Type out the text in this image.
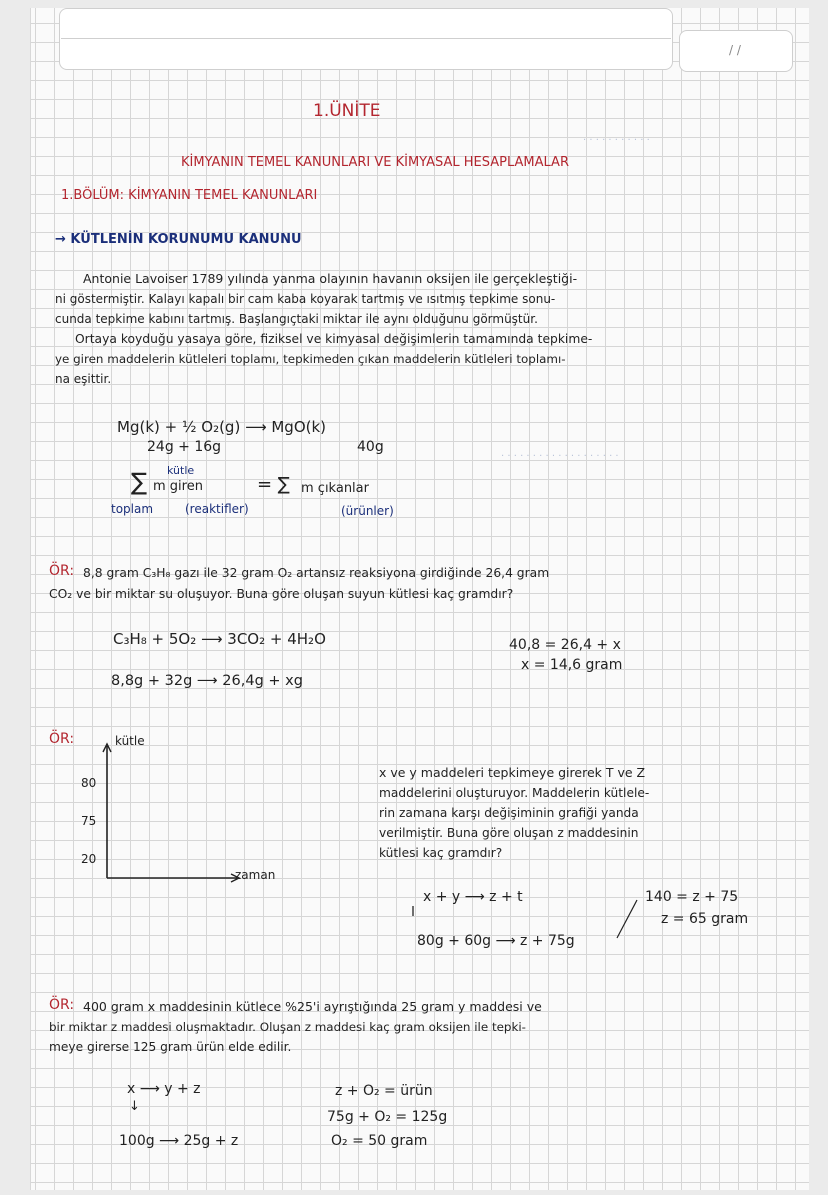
/ /
1.ÜNİTE
· · · · · · · · · · ·
KİMYANIN TEMEL KANUNLARI VE KİMYASAL HESAPLAMALAR
1.BÖLÜM: KİMYANIN TEMEL KANUNLARI
→ KÜTLENİN KORUNUMU KANUNU
Antonie Lavoiser 1789 yılında yanma olayının havanın oksijen ile gerçekleştiği-
ni göstermiştir. Kalayı kapalı bir cam kaba koyarak tartmış ve ısıtmış tepkime sonu-
cunda tepkime kabını tartmış. Başlangıçtaki miktar ile aynı olduğunu görmüştür.
Ortaya koyduğu yasaya göre, fiziksel ve kimyasal değişimlerin tamamında tepkime-
ye giren maddelerin kütleleri toplamı, tepkimeden çıkan maddelerin kütleleri toplamı-
na eşittir.
Mg(k) + ½ O₂(g) ⟶ MgO(k)
24g + 16g	40g
· · · · · · · · · · · · · · · · · · ·
∑ kütle
m giren	= ∑ m çıkanlar
toplam	(reaktifler)	(ürünler)
ÖR: 8,8 gram C₃H₈ gazı ile 32 gram O₂ artansız reaksiyona girdiğinde 26,4 gram
CO₂ ve bir miktar su oluşuyor. Buna göre oluşan suyun kütlesi kaç gramdır?
C₃H₈ + 5O₂ ⟶ 3CO₂ + 4H₂O
8,8g + 32g ⟶ 26,4g + xg
40,8 = 26,4 + x
x = 14,6 gram
ÖR:	kütle
80
75
20
zaman
x ve y maddeleri tepkimeye girerek T ve Z
maddelerini oluşturuyor. Maddelerin kütlele-
rin zamana karşı değişiminin grafiği yanda
verilmiştir. Buna göre oluşan z maddesinin
kütlesi kaç gramdır?
x + y ⟶ z + t
80g + 60g ⟶ z + 75g
140 = z + 75
z = 65 gram
ÖR: 400 gram x maddesinin kütlece %25'i ayrıştığında 25 gram y maddesi ve
bir miktar z maddesi oluşmaktadır. Oluşan z maddesi kaç gram oksijen ile tepki-
meye girerse 125 gram ürün elde edilir.
x ⟶ y + z
↓
100g ⟶ 25g + z
z + O₂ = ürün
75g + O₂ = 125g
O₂ = 50 gram
